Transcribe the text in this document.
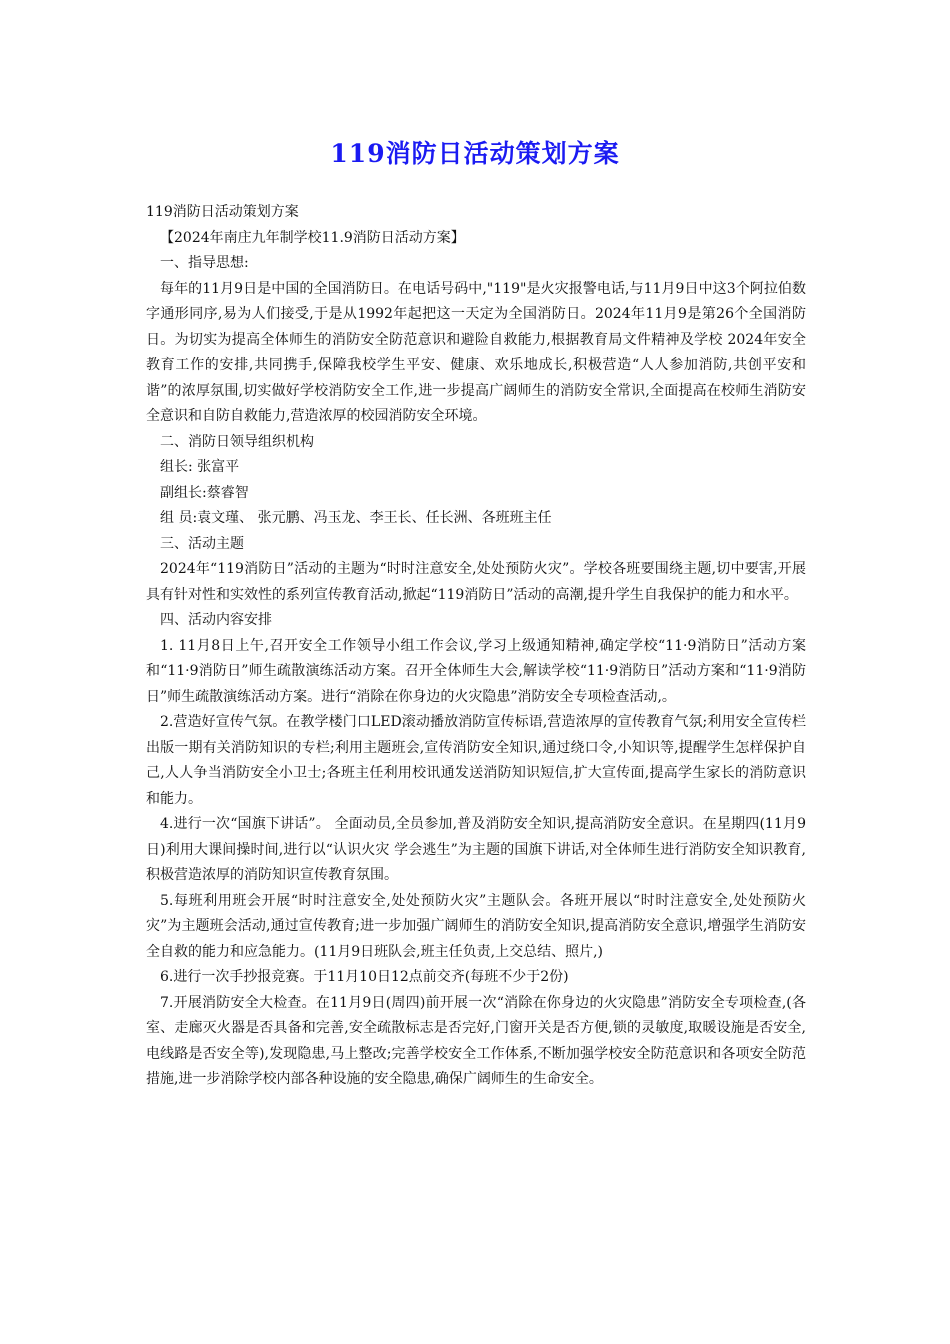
119消防日活动策划方案

119消防日活动策划方案

【2024年南庄九年制学校11.9消防日活动方案】

一、指导思想:

每年的11月9日是中国的全国消防日。在电话号码中,"119"是火灾报警电话,与11月9日中这3个阿拉伯数字通形同序,易为人们接受,于是从1992年起把这一天定为全国消防日。2024年11月9是第26个全国消防日。为切实为提高全体师生的消防安全防范意识和避险自救能力,根据教育局文件精神及学校 2024年安全教育工作的安排,共同携手,保障我校学生平安、健康、欢乐地成长,积极营造“人人参加消防,共创平安和谐”的浓厚氛围,切实做好学校消防安全工作,进一步提高广阔师生的消防安全常识,全面提高在校师生消防安全意识和自防自救能力,营造浓厚的校园消防安全环境。

二、消防日领导组织机构

组长: 张富平

副组长:蔡睿智

组 员:袁文瑾、 张元鹏、冯玉龙、李王长、任长洲、各班班主任

三、活动主题

2024年“119消防日”活动的主题为“时时注意安全,处处预防火灾”。学校各班要围绕主题,切中要害,开展具有针对性和实效性的系列宣传教育活动,掀起“119消防日”活动的高潮,提升学生自我保护的能力和水平。

四、活动内容安排

1. 11月8日上午,召开安全工作领导小组工作会议,学习上级通知精神,确定学校“11·9消防日”活动方案和“11·9消防日”师生疏散演练活动方案。召开全体师生大会,解读学校“11·9消防日”活动方案和“11·9消防日”师生疏散演练活动方案。进行“消除在你身边的火灾隐患”消防安全专项检查活动,。

2.营造好宣传气氛。在教学楼门口LED滚动播放消防宣传标语,营造浓厚的宣传教育气氛;利用安全宣传栏出版一期有关消防知识的专栏;利用主题班会,宣传消防安全知识,通过绕口令,小知识等,提醒学生怎样保护自己,人人争当消防安全小卫士;各班主任利用校讯通发送消防知识短信,扩大宣传面,提高学生家长的消防意识和能力。

4.进行一次“国旗下讲话”。 全面动员,全员参加,普及消防安全知识,提高消防安全意识。在星期四(11月9日)利用大课间操时间,进行以“认识火灾 学会逃生”为主题的国旗下讲话,对全体师生进行消防安全知识教育,积极营造浓厚的消防知识宣传教育氛围。

5.每班利用班会开展“时时注意安全,处处预防火灾”主题队会。各班开展以“时时注意安全,处处预防火灾”为主题班会活动,通过宣传教育;进一步加强广阔师生的消防安全知识,提高消防安全意识,增强学生消防安全自救的能力和应急能力。(11月9日班队会,班主任负责,上交总结、照片,)

6.进行一次手抄报竞赛。于11月10日12点前交齐(每班不少于2份)

7.开展消防安全大检查。在11月9日(周四)前开展一次“消除在你身边的火灾隐患”消防安全专项检查,(各室、走廊灭火器是否具备和完善,安全疏散标志是否完好,门窗开关是否方便,锁的灵敏度,取暖设施是否安全,电线路是否安全等),发现隐患,马上整改;完善学校安全工作体系,不断加强学校安全防范意识和各项安全防范措施,进一步消除学校内部各种设施的安全隐患,确保广阔师生的生命安全。
